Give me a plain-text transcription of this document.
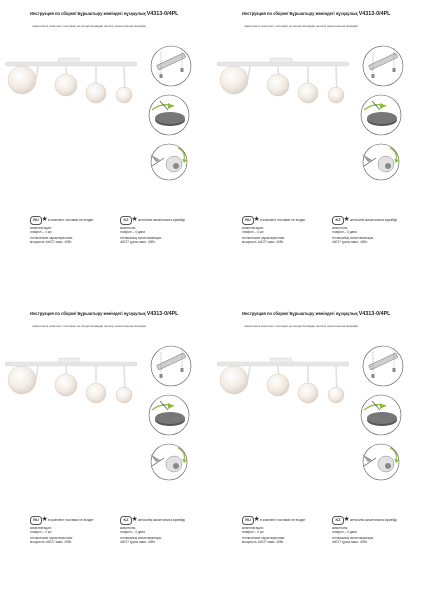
Инструкция по сборке/ Бұрыштыру жөніндегі нұсқаулық V4313-0/4PL
лампочки в комплект поставки не входит/шамдар жеткізу жиынтығына кірмейді
RU ★ в комплект поставки не входит	KZ ★ жеткізілім жиынтығына кірмейді
комплектация:
плафон – 4 шт.
технические характеристики:
мощность 4xE27 макс. 40Вт.
жиынтығы:
плафон – 4 дана
техникалық сипаттамалары:
4xE27 қуаты макс. 40Вт.
Инструкция по сборке/ Бұрыштыру жөніндегі нұсқаулық V4313-0/4PL
лампочки в комплект поставки не входит/шамдар жеткізу жиынтығына кірмейді
RU ★ в комплект поставки не входит	KZ ★ жеткізілім жиынтығына кірмейді
комплектация:
плафон – 4 шт.
технические характеристики:
мощность 4xE27 макс. 40Вт.
жиынтығы:
плафон – 4 дана
техникалық сипаттамалары:
4xE27 қуаты макс. 40Вт.
Инструкция по сборке/ Бұрыштыру жөніндегі нұсқаулық V4313-0/4PL
лампочки в комплект поставки не входит/шамдар жеткізу жиынтығына кірмейді
RU ★ в комплект поставки не входит	KZ ★ жеткізілім жиынтығына кірмейді
комплектация:
плафон – 4 шт.
технические характеристики:
мощность 4xE27 макс. 40Вт.
жиынтығы:
плафон – 4 дана
техникалық сипаттамалары:
4xE27 қуаты макс. 40Вт.
Инструкция по сборке/ Бұрыштыру жөніндегі нұсқаулық V4313-0/4PL
лампочки в комплект поставки не входит/шамдар жеткізу жиынтығына кірмейді
RU ★ в комплект поставки не входит	KZ ★ жеткізілім жиынтығына кірмейді
комплектация:
плафон – 4 шт.
технические характеристики:
мощность 4xE27 макс. 40Вт.
жиынтығы:
плафон – 4 дана
техникалық сипаттамалары:
4xE27 қуаты макс. 40Вт.
